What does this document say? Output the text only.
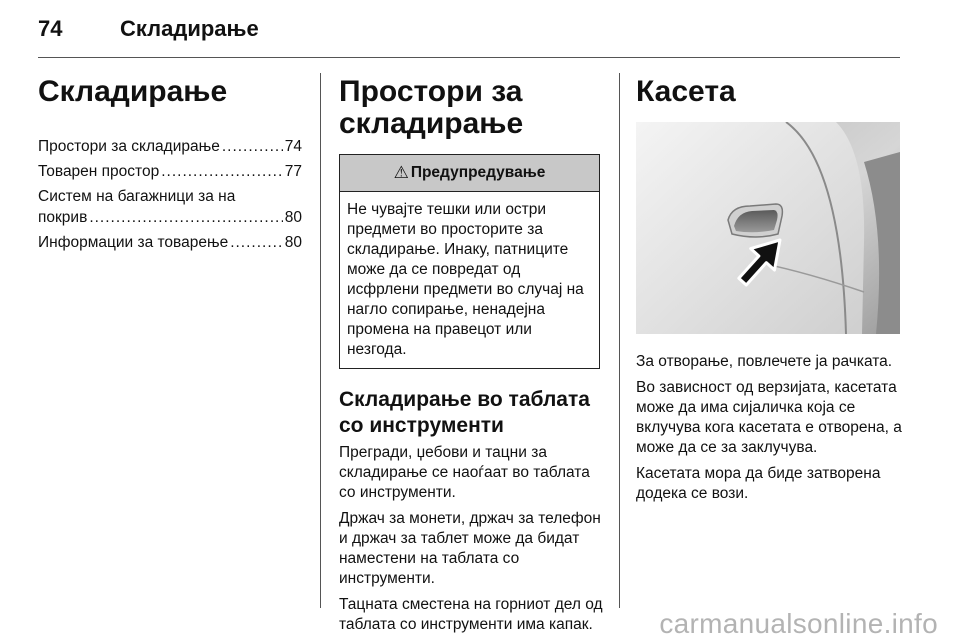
74	Складирање
Складирање
Простори за складирање .....	74
Товарен простор .....	77
Систем на багажници за на
покрив .....	80
Информации за товарење .....	80
Простори за
складирање
⚠ Предупредување
Не чувајте тешки или остри предмети во просторите за складирање. Инаку, патниците може да се повредат од исфрлени предмети во случај на нагло сопирање, ненадејна промена на правецот или незгода.
Складирање во таблата
со инструменти

Прегради, џебови и тацни за складирање се наоѓаат во таблата со инструменти.

Држач за монети, држач за телефон и држач за таблет може да бидат наместени на таблата со инструменти.

Тацната сместена на горниот дел од таблата со инструменти има капак.

Касета

За отворање, повлечете ја рачката.

Во зависност од верзијата, касетата може да има сијаличка која се вклучува кога касетата е отворена, а може да се за заклучува.

Касетата мора да биде затворена додека се вози.

carmanualsonline.info
